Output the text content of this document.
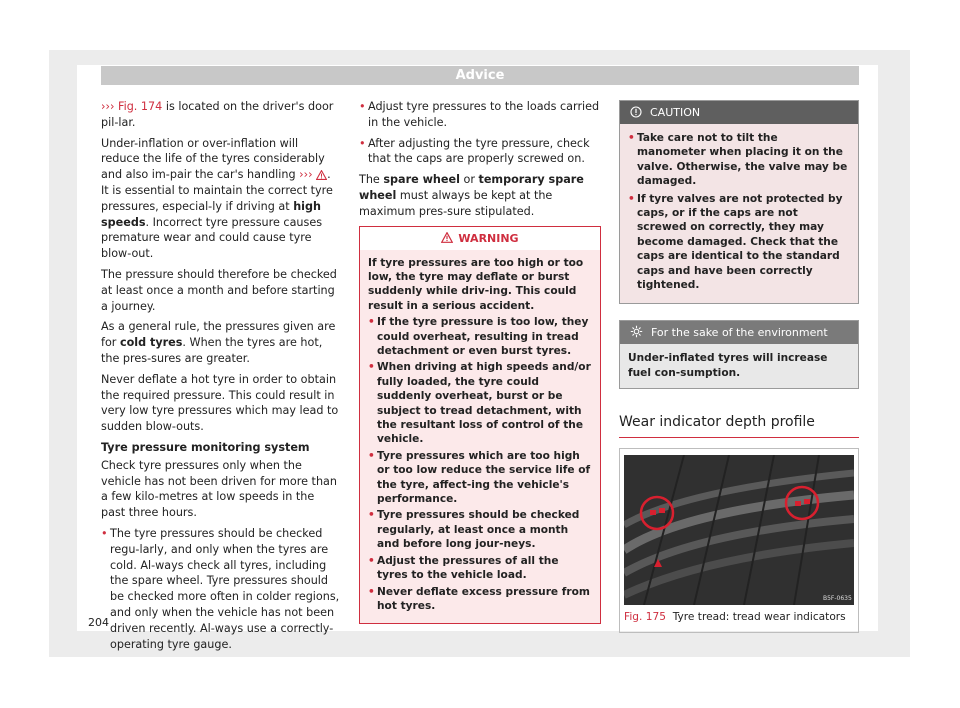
Advice

››› Fig. 174 is located on the driver's door pil-lar.

Under-inflation or over-inflation will reduce the life of the tyres considerably and also im-pair the car's handling ››› . It is essential to maintain the correct tyre pressures, especial-ly if driving at high speeds. Incorrect tyre pressure causes premature wear and could cause tyre blow-out.

The pressure should therefore be checked at least once a month and before starting a journey.

As a general rule, the pressures given are for cold tyres. When the tyres are hot, the pres-sures are greater.

Never deflate a hot tyre in order to obtain the required pressure. This could result in very low tyre pressures which may lead to sudden blow-outs.

Tyre pressure monitoring system

Check tyre pressures only when the vehicle has not been driven for more than a few kilo-metres at low speeds in the past three hours.

• The tyre pressures should be checked regu-larly, and only when the tyres are cold. Al-ways check all tyres, including the spare wheel. Tyre pressures should be checked more often in colder regions, and only when the vehicle has not been driven recently. Al-ways use a correctly-operating tyre gauge.
• Adjust tyre pressures to the loads carried in the vehicle.
• After adjusting the tyre pressure, check that the caps are properly screwed on.

The spare wheel or temporary spare wheel must always be kept at the maximum pres-sure stipulated.

WARNING

If tyre pressures are too high or too low, the tyre may deflate or burst suddenly while driv-ing. This could result in a serious accident.

• If the tyre pressure is too low, they could overheat, resulting in tread detachment or even burst tyres.
• When driving at high speeds and/or fully loaded, the tyre could suddenly overheat, burst or be subject to tread detachment, with the resultant loss of control of the vehicle.
• Tyre pressures which are too high or too low reduce the service life of the tyre, affect-ing the vehicle's performance.
• Tyre pressures should be checked regularly, at least once a month and before long jour-neys.
• Adjust the pressures of all the tyres to the vehicle load.
• Never deflate excess pressure from hot tyres.
CAUTION
• Take care not to tilt the manometer when placing it on the valve. Otherwise, the valve may be damaged.
• If tyre valves are not protected by caps, or if the caps are not screwed on correctly, they may become damaged. Check that the caps are identical to the standard caps and have been correctly tightened.
For the sake of the environment
Under-inflated tyres will increase fuel con-sumption.
Wear indicator depth profile
B5F-0635
Fig. 175 Tyre tread: tread wear indicators
204
